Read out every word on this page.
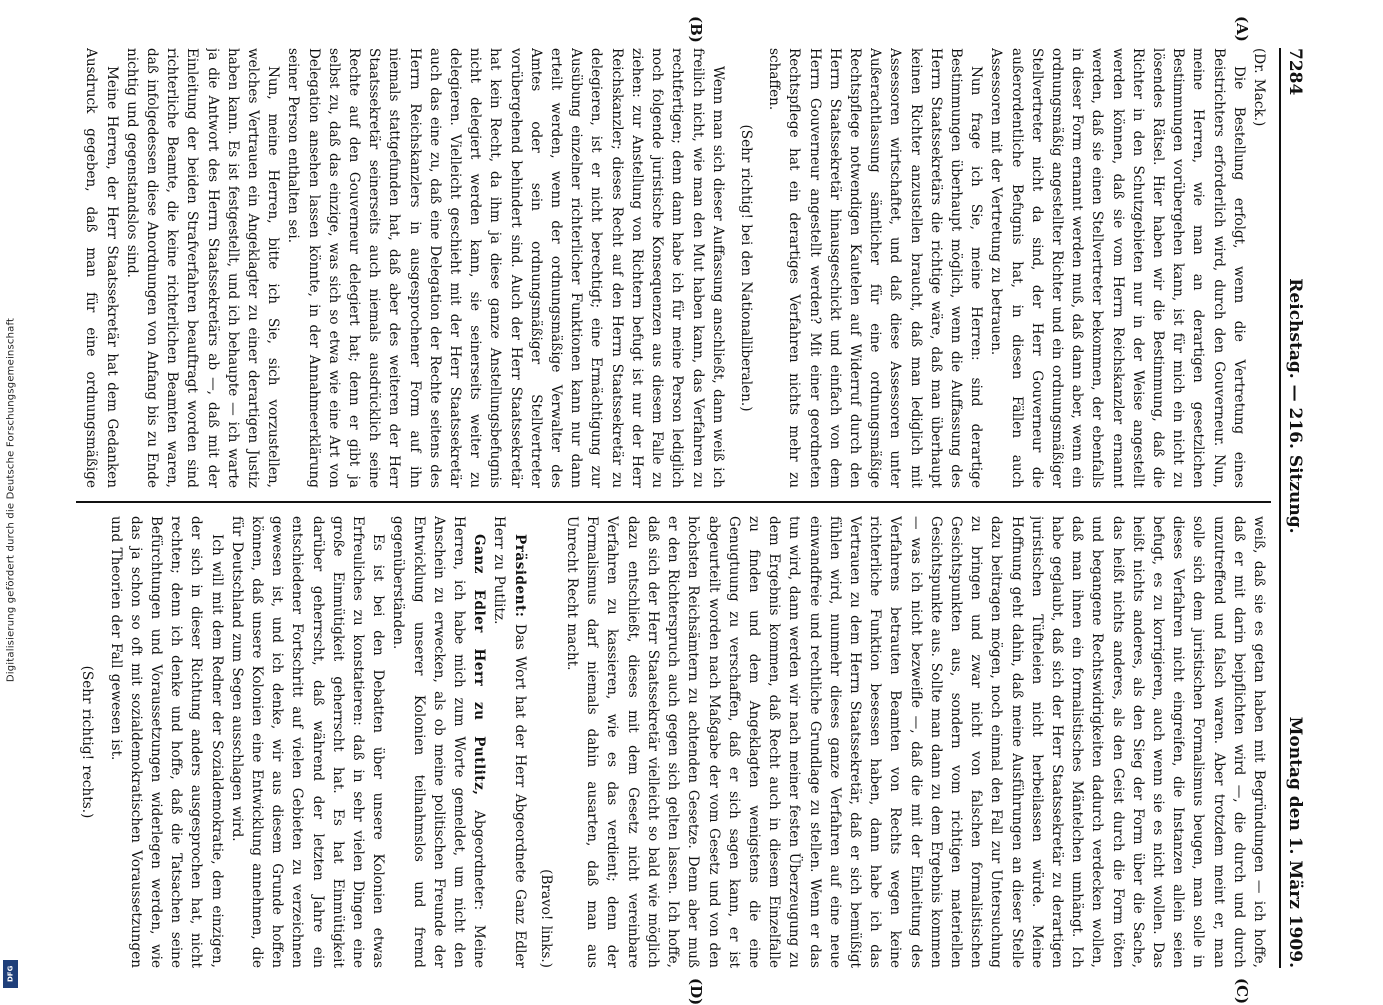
Digitalisierung gefördert durch die Deutsche Forschungsgemeinschaft
DFG
7284
Reichstag. — 216. Sitzung.
Montag den 1. März 1909.
(A)
(B)
(C)
(D)

(Dr. Mack.)

Die Bestellung erfolgt, wenn die Vertretung eines Beistrichters erforderlich wird, durch den Gouverneur. Nun, meine Herren, wie man an derartigen gesetzlichen Bestimmungen vorübergehen kann, ist für mich ein nicht zu lösendes Rätsel. Hier haben wir die Bestimmung, daß die Richter in den Schutzgebieten nur in der Weise angestellt werden können, daß sie vom Herrn Reichskanzler ernannt werden, daß sie einen Stellvertreter bekommen, der ebenfalls in dieser Form ernannt werden muß, daß dann aber, wenn ein ordnungsmäßig angestellter Richter und ein ordnungsmäßiger Stellvertreter nicht da sind, der Herr Gouverneur die außerordentliche Befugnis hat, in diesen Fällen auch Assessoren mit der Vertretung zu betrauen.

Nun frage ich Sie, meine Herren: sind derartige Bestimmungen überhaupt möglich, wenn die Auffassung des Herrn Staatssekretärs die richtige wäre, daß man überhaupt keinen Richter anzustellen braucht, daß man lediglich mit Assessoren wirtschaftet, und daß diese Assessoren unter Außerachtlassung sämtlicher für eine ordnungsmäßige Rechtspflege notwendigen Kautelen auf Widerruf durch den Herrn Staatssekretär hinausgeschickt und einfach von dem Herrn Gouverneur angestellt werden? Mit einer geordneten Rechtspflege hat ein derartiges Verfahren nichts mehr zu schaffen.

(Sehr richtig! bei den Nationalliberalen.)

Wenn man sich dieser Auffassung anschließt, dann weiß ich freilich nicht, wie man den Mut haben kann, das Verfahren zu rechtfertigen; denn dann habe ich für meine Person lediglich noch folgende juristische Konsequenzen aus diesem Falle zu ziehen: zur Anstellung von Richtern befugt ist nur der Herr Reichskanzler; dieses Recht auf den Herrn Staatssekretär zu delegieren, ist er nicht berechtigt; eine Ermächtigung zur Ausübung einzelner richterlicher Funktionen kann nur dann erteilt werden, wenn der ordnungsmäßige Verwalter des Amtes oder sein ordnungsmäßiger Stellvertreter vorübergehend behindert sind. Auch der Herr Staatssekretär hat kein Recht, da ihm ja diese ganze Anstellungsbefugnis nicht delegiert werden kann, sie seinerseits weiter zu delegieren. Vielleicht geschieht mit der Herr Staatssekretär auch das eine zu, daß eine Delegation der Rechte seitens des Herrn Reichskanzlers in ausgesprochener Form auf ihn niemals stattgefunden hat, daß aber des weiteren der Herr Staatssekretär seinerseits auch niemals ausdrücklich seine Rechte auf den Gouverneur delegiert hat; denn er gibt ja selbst zu, daß das einzige, was sich so etwa wie eine Art von Delegation ansehen lassen könnte, in der Annahmeerklärung seiner Person enthalten sei.

Nun, meine Herren, bitte ich Sie, sich vorzustellen, welches Vertrauen ein Angeklagter zu einer derartigen Justiz haben kann. Es ist festgestellt, und ich behaupte — ich warte ja die Antwort des Herrn Staatssekretärs ab —, daß mit der Einleitung der beiden Strafverfahren beauftragt worden sind richterliche Beamte, die keine richterlichen Beamten waren, daß infolgedessen diese Anordnungen von Anfang bis zu Ende nichtig und gegenstandslos sind.

Meine Herren, der Herr Staatssekretär hat dem Gedanken Ausdruck gegeben, daß man für eine ordnungsmäßige

weiß, daß sie es getan haben mit Begründungen — ich hoffe, daß er mit darin beipflichten wird —, die durch und durch unzutreffend und falsch waren. Aber trotzdem meint er, man solle sich dem juristischen Formalismus beugen, man solle in dieses Verfahren nicht eingreifen, die Instanzen allein seien befugt, es zu korrigieren, auch wenn sie es nicht wollen. Das heißt nichts anderes, als den Sieg der Form über die Sache, das heißt nichts anderes, als den Geist durch die Form töten und begangene Rechtswidrigkeiten dadurch verdecken wollen, daß man ihnen ein formalistisches Mäntelchen umhängt. Ich habe geglaubt, daß sich der Herr Staatssekretär zu derartigen juristischen Tüfteleien nicht herbeilassen würde. Meine Hoffnung geht dahin, daß meine Ausführungen an dieser Stelle dazu beitragen mögen, noch einmal den Fall zur Untersuchung zu bringen und zwar nicht von falschen formalistischen Gesichtspunkten aus, sondern vom richtigen materiellen Gesichtspunkte aus. Sollte man dann zu dem Ergebnis kommen — was ich nicht bezweifle —, daß die mit der Einleitung des Verfahrens betrauten Beamten von Rechts wegen keine richterliche Funktion besessen haben, dann habe ich das Vertrauen zu dem Herrn Staatssekretär, daß er sich bemüßigt fühlen wird, nunmehr dieses ganze Verfahren auf eine neue einwandfreie und rechtliche Grundlage zu stellen. Wenn er das tun wird, dann werden wir nach meiner festen Überzeugung zu dem Ergebnis kommen, daß Recht auch in diesem Einzelfalle zu finden und dem Angeklagten wenigstens die eine Genugtuung zu verschaffen, daß er sich sagen kann, er ist abgeurteilt worden nach Maßgabe der vom Gesetz und von den höchsten Reichsämtern zu achtenden Gesetze. Denn aber muß er den Richterspruch auch gegen sich gelten lassen. Ich hoffe, daß sich der Herr Staatssekretär vielleicht so bald wie möglich dazu entschließt, dieses mit dem Gesetz nicht vereinbare Verfahren zu kassieren, wie es das verdient; denn der Formalismus darf niemals dahin ausarten, daß man aus Unrecht Recht macht.

(Bravo! links.)

Präsident: Das Wort hat der Herr Abgeordnete Ganz Edler Herr zu Putlitz.

Ganz Edler Herr zu Putlitz, Abgeordneter: Meine Herren, ich habe mich zum Worte gemeldet, um nicht den Anschein zu erwecken, als ob meine politischen Freunde der Entwicklung unserer Kolonien teilnahmslos und fremd gegenüberständen.

Es ist bei den Debatten über unsere Kolonien etwas Erfreuliches zu konstatieren: daß in sehr vielen Dingen eine große Einmütigkeit geherrscht hat. Es hat Einmütigkeit darüber geherrscht, daß während der letzten Jahre ein entschiedener Fortschritt auf vielen Gebieten zu verzeichnen gewesen ist, und ich denke, wir aus diesem Grunde hoffen können, daß unsere Kolonien eine Entwicklung annehmen, die für Deutschland zum Segen ausschlagen wird.

Ich will mit dem Redner der Sozialdemokratie, dem einzigen, der sich in dieser Richtung anders ausgesprochen hat, nicht rechten; denn ich denke und hoffe, daß die Tatsachen seine Befürchtungen und Voraussetzungen widerlegen werden, wie das ja schon so oft mit sozialdemokratischen Voraussetzungen und Theorien der Fall gewesen ist.

(Sehr richtig! rechts.)
